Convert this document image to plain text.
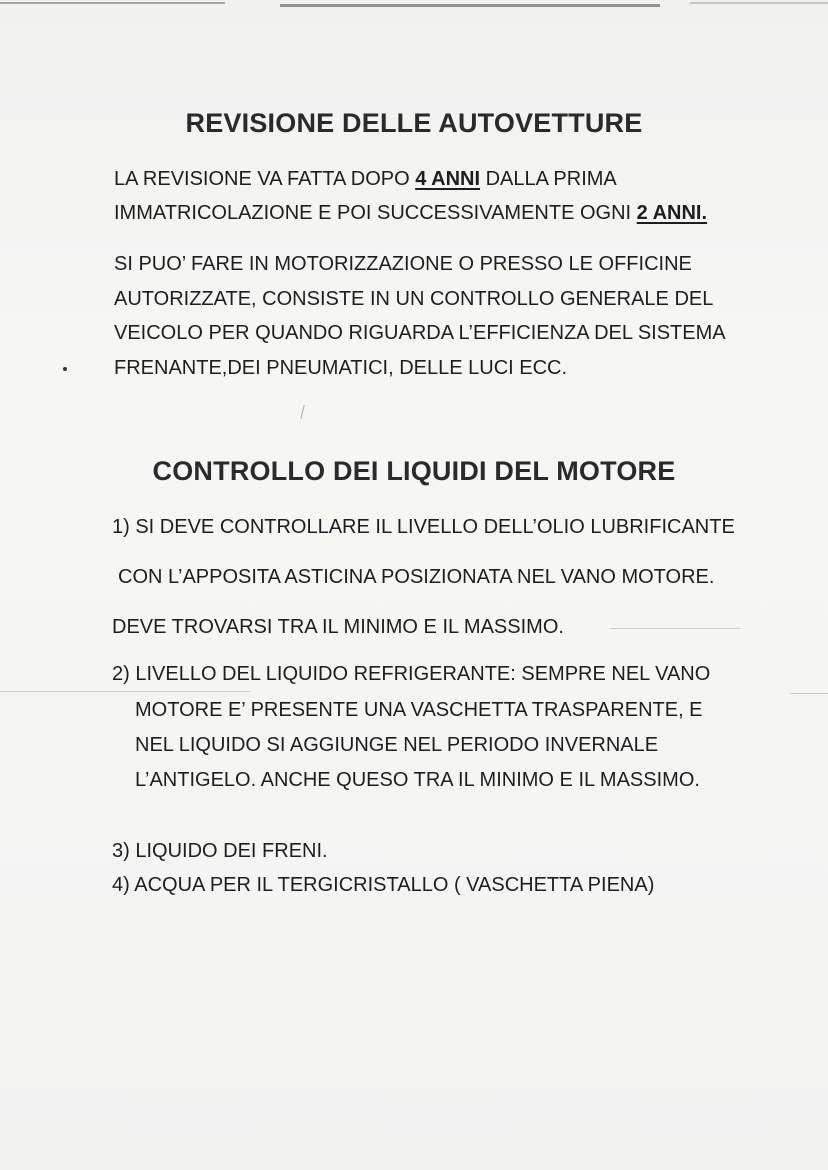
REVISIONE DELLE AUTOVETTURE
LA REVISIONE VA FATTA DOPO 4 ANNI DALLA PRIMA
IMMATRICOLAZIONE E POI SUCCESSIVAMENTE OGNI 2 ANNI.
SI PUO’ FARE IN MOTORIZZAZIONE O PRESSO LE OFFICINE
AUTORIZZATE, CONSISTE IN UN CONTROLLO GENERALE DEL
VEICOLO PER QUANDO RIGUARDA L’EFFICIENZA DEL SISTEMA
FRENANTE,DEI PNEUMATICI, DELLE LUCI ECC.
CONTROLLO DEI LIQUIDI DEL MOTORE
1) SI DEVE CONTROLLARE IL LIVELLO DELL’OLIO LUBRIFICANTE
CON L’APPOSITA ASTICINA POSIZIONATA NEL VANO MOTORE.
DEVE TROVARSI TRA IL MINIMO E IL MASSIMO.
2) LIVELLO DEL LIQUIDO REFRIGERANTE: SEMPRE NEL VANO
MOTORE E’ PRESENTE UNA VASCHETTA TRASPARENTE, E
NEL LIQUIDO SI AGGIUNGE NEL PERIODO INVERNALE
L’ANTIGELO. ANCHE QUESO TRA IL MINIMO E IL MASSIMO.
3) LIQUIDO DEI FRENI.
4) ACQUA PER IL TERGICRISTALLO ( VASCHETTA PIENA)
